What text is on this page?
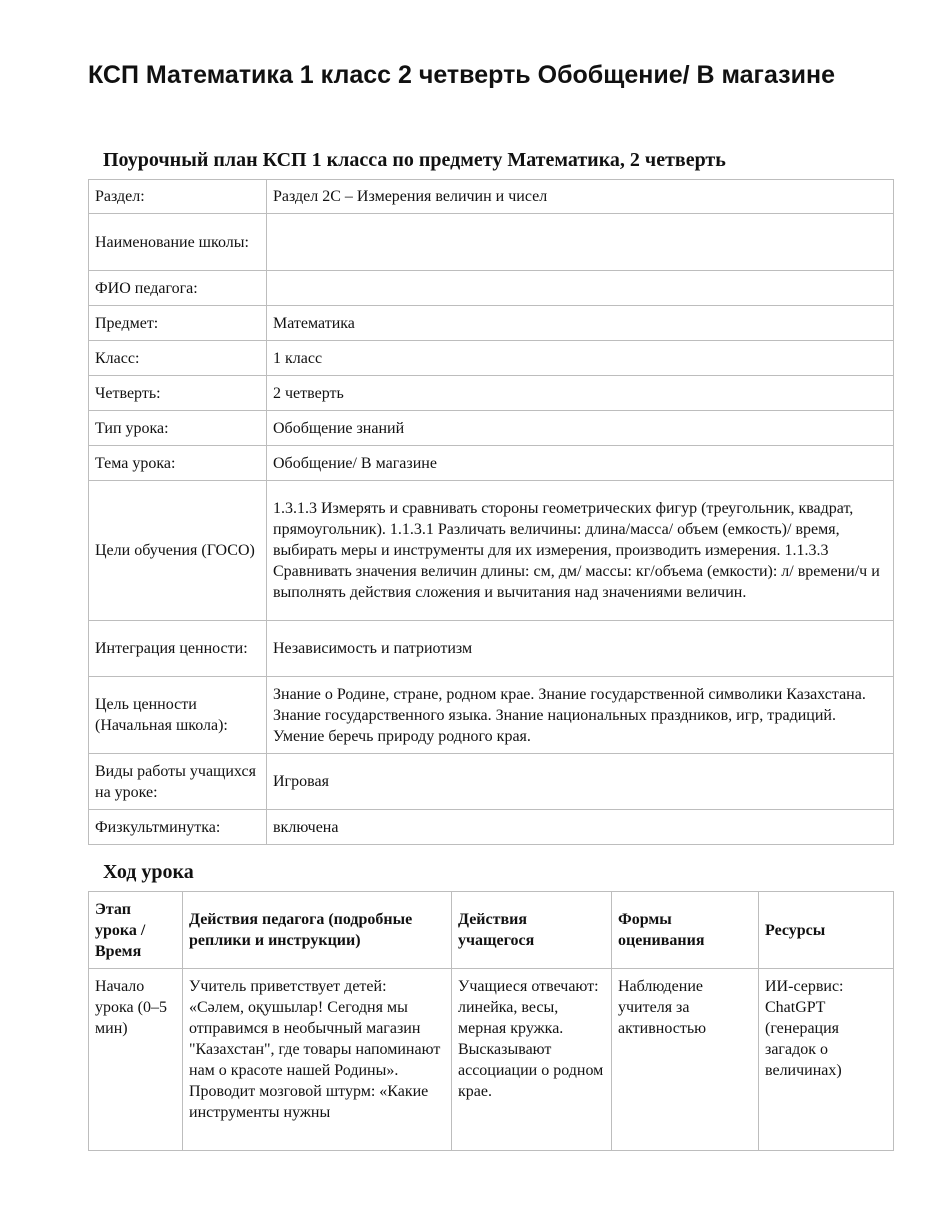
КСП Математика 1 класс 2 четверть Обобщение/ В магазине
Поурочный план КСП 1 класса по предмету Математика, 2 четверть
Раздел:	Раздел 2C – Измерения величин и чисел
Наименование школы:	
ФИО педагога:	
Предмет:	Математика
Класс:	1 класс
Четверть:	2 четверть
Тип урока:	Обобщение знаний
Тема урока:	Обобщение/ В магазине
Цели обучения (ГОСО)	1.3.1.3 Измерять и сравнивать стороны геометрических фигур (треугольник, квадрат, прямоугольник). 1.1.3.1 Различать величины: длина/масса/ объем (емкость)/ время, выбирать меры и инструменты для их измерения, производить измерения. 1.1.3.3 Сравнивать значения величин длины: см, дм/ массы: кг/объема (емкости): л/ времени/ч и выполнять действия сложения и вычитания над значениями величин.
Интеграция ценности:	Независимость и патриотизм
Цель ценности (Начальная школа):	Знание о Родине, стране, родном крае. Знание государственной символики Казахстана. Знание государственного языка. Знание национальных праздников, игр, традиций. Умение беречь природу родного края.
Виды работы учащихся на уроке:	Игровая
Физкультминутка:	включена
Ход урока
Этап урока / Время	Действия педагога (подробные реплики и инструкции)	Действия учащегося	Формы оценивания	Ресурсы

Начало урока (0–5 мин)	Учитель приветствует детей: «Сәлем, оқушылар! Сегодня мы отправимся в необычный магазин "Казахстан", где товары напоминают нам о красоте нашей Родины». Проводит мозговой штурм: «Какие инструменты нужны	Учащиеся отвечают: линейка, весы, мерная кружка. Высказывают ассоциации о родном крае.	Наблюдение учителя за активностью	ИИ-сервис: ChatGPT (генерация загадок о величинах)
